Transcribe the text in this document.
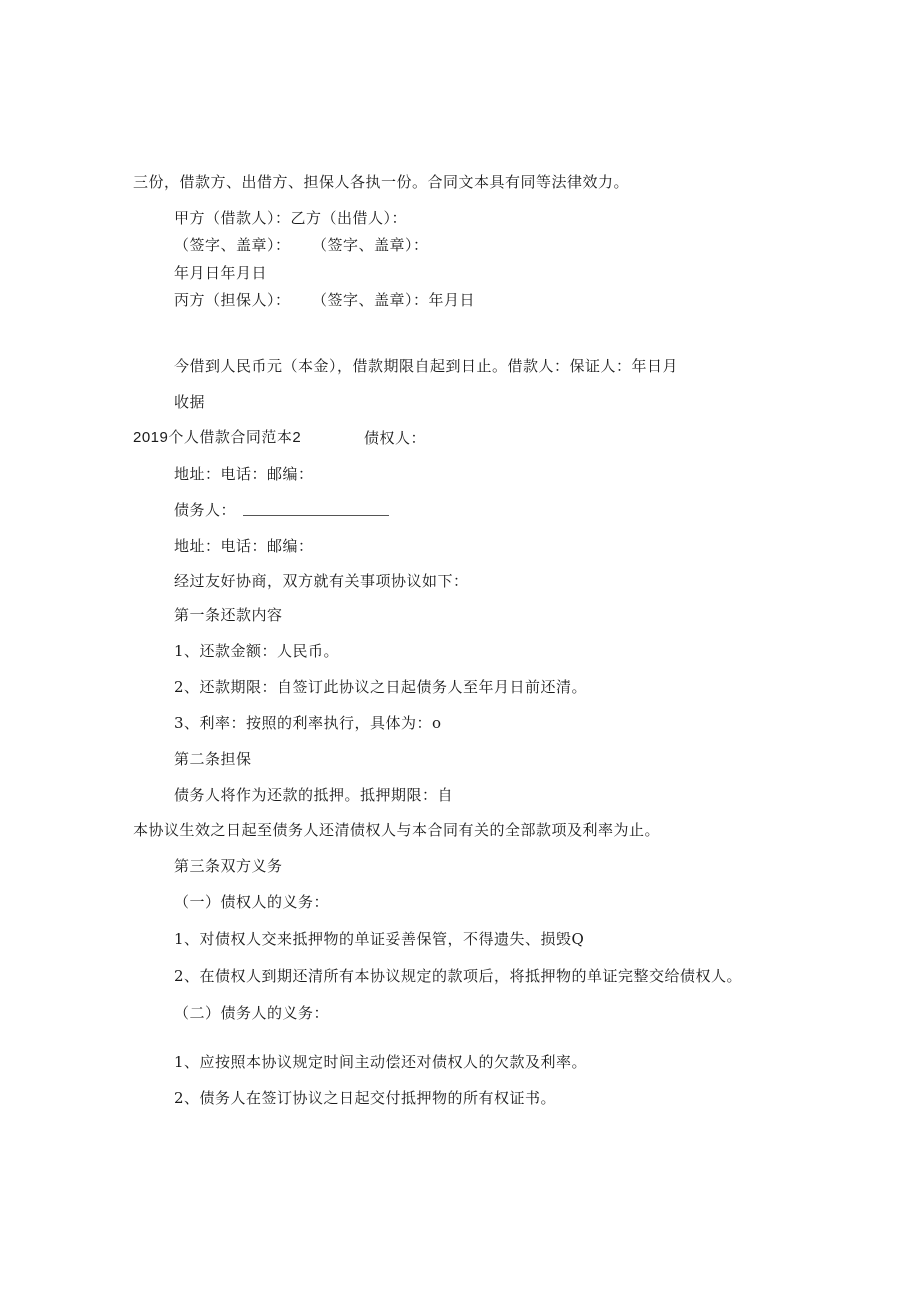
三份，借款方、出借方、担保人各执一份。合同文本具有同等法律效力。
甲方（借款人）：乙方（出借人）：
（签字、盖章）： （签字、盖章）：
年月日年月日
丙方（担保人）： （签字、盖章）：年月日
今借到人民币元（本金），借款期限自起到日止。借款人：保证人：年日月
收据
2019个人借款合同范本2	债权人：
地址：电话：邮编：
债务人：
地址：电话：邮编：
经过友好协商，双方就有关事项协议如下：
第一条还款内容
1、还款金额：人民币。
2、还款期限：自签订此协议之日起债务人至年月日前还清。
3、利率：按照的利率执行，具体为：o
第二条担保
债务人将作为还款的抵押。抵押期限：自
本协议生效之日起至债务人还清债权人与本合同有关的全部款项及利率为止。
第三条双方义务
（一）债权人的义务：
1、对债权人交来抵押物的单证妥善保管，不得遗失、损毁Q
2、在债权人到期还清所有本协议规定的款项后，将抵押物的单证完整交给债权人。
（二）债务人的义务：
1、应按照本协议规定时间主动偿还对债权人的欠款及利率。
2、债务人在签订协议之日起交付抵押物的所有权证书。
